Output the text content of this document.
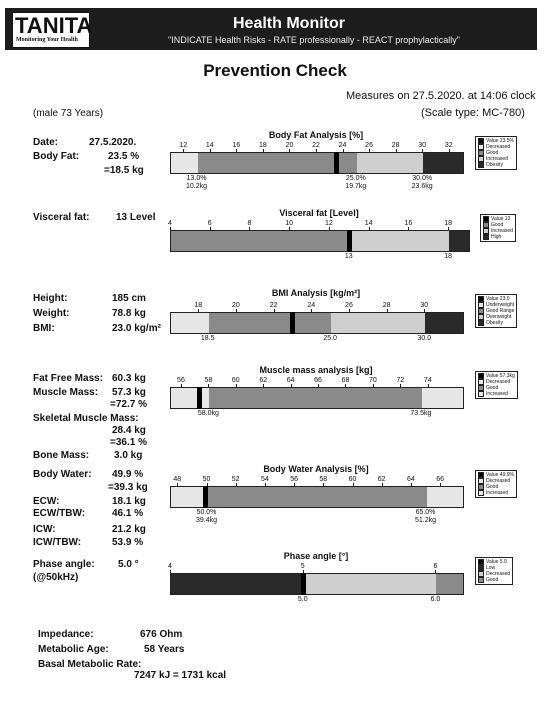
TANITA
Monitoring Your Health
Health Monitor
"INDICATE Health Risks - RATE professionally - REACT prophylactically"
Prevention Check
Measures on 27.5.2020. at 14:06 clock
(Scale type: MC-780)
(male 73 Years)
Date:	27.5.2020.
Body Fat:	23.5 %
=18.5 kg
Visceral fat:	13 Level
Height:	185 cm
Weight:	78.8 kg
BMI:	23.0 kg/m²
Fat Free Mass: 60.3 kg
Muscle Mass: 57.3 kg
=72.7 %
Skeletal Muscle Mass:
28.4 kg
=36.1 %
Bone Mass: 3.0 kg
Body Water: 49.9 %
=39.3 kg
ECW:	18.1 kg
ECW/TBW:	46.1 %
ICW:	21.2 kg
ICW/TBW:	53.9 %
Phase angle:
(@50kHz)
5.0 °
Impedance:	676 Ohm
Metabolic Age:	58 Years
Basal Metabolic Rate:
7247 kJ = 1731 kcal
Body Fat Analysis [%]
12	14	16	18	20	22	24	26	28	30	32
13.0%
10.2kg
25.0%
19.7kg
30.0%
23.6kg
Value 23.5%
Decreased
Good
Increased
Obesity
Visceral fat [Level]
4	6	8	10	12	14	16	18
13	18
Value 13
Good
Increased
High
BMI Analysis [kg/m²]
18	20	22	24	26	28	30
18.5	25.0	30.0
Value 23.0
Underweight
Good Range
Overweight
Obesity
Muscle mass analysis [kg]
56	58	60	62	64	66	68	70	72	74
58.0kg	73.5kg
Value 57.3kg
Decreased
Good
Increased
Body Water Analysis [%]
48	50	52	54	56	58	60	62	64	66
50.0%
39.4kg
65.0%
51.2kg
Value 49.9%
Decreased
Good
Increased
Phase angle [°]
4	5	6
5.0	6.0
Value 5.0
Low
Decreased
Good
